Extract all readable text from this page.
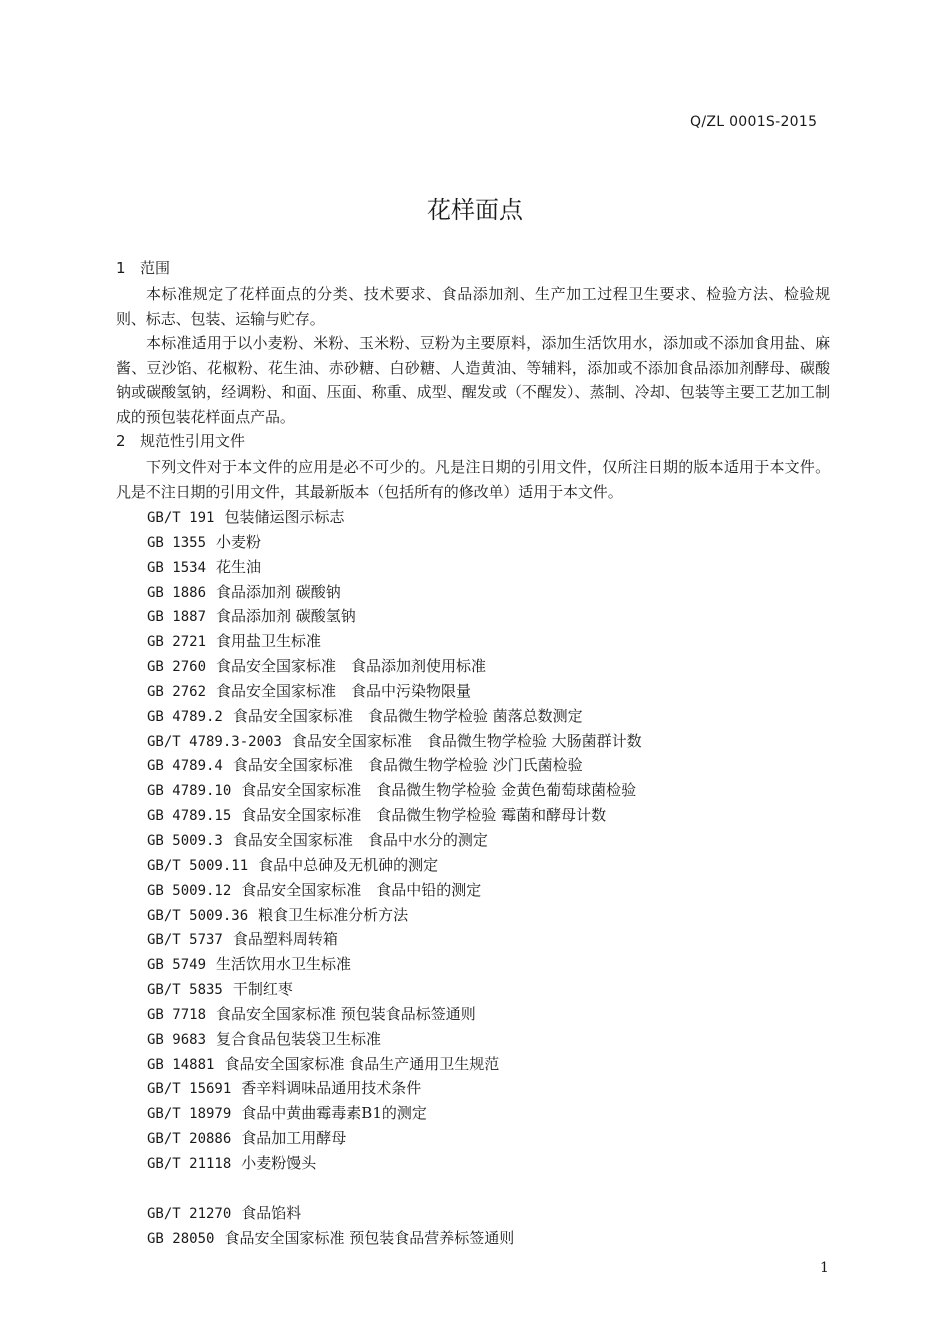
Q/ZL 0001S-2015
花样面点
1 范围
本标准规定了花样面点的分类、技术要求、食品添加剂、生产加工过程卫生要求、检验方法、检验规则、标志、包装、运输与贮存。
本标准适用于以小麦粉、米粉、玉米粉、豆粉为主要原料，添加生活饮用水，添加或不添加食用盐、麻酱、豆沙馅、花椒粉、花生油、赤砂糖、白砂糖、人造黄油、等辅料，添加或不添加食品添加剂酵母、碳酸钠或碳酸氢钠，经调粉、和面、压面、称重、成型、醒发或（不醒发）、蒸制、冷却、包装等主要工艺加工制成的预包装花样面点产品。
2 规范性引用文件
下列文件对于本文件的应用是必不可少的。凡是注日期的引用文件，仅所注日期的版本适用于本文件。凡是不注日期的引用文件，其最新版本（包括所有的修改单）适用于本文件。
GB/T 191 包装储运图示标志
GB 1355 小麦粉
GB 1534 花生油
GB 1886 食品添加剂 碳酸钠
GB 1887 食品添加剂 碳酸氢钠
GB 2721 食用盐卫生标准
GB 2760 食品安全国家标准　食品添加剂使用标准
GB 2762 食品安全国家标准　食品中污染物限量
GB 4789.2 食品安全国家标准　食品微生物学检验 菌落总数测定
GB/T 4789.3-2003 食品安全国家标准　食品微生物学检验 大肠菌群计数
GB 4789.4 食品安全国家标准　食品微生物学检验 沙门氏菌检验
GB 4789.10 食品安全国家标准　食品微生物学检验 金黄色葡萄球菌检验
GB 4789.15 食品安全国家标准　食品微生物学检验 霉菌和酵母计数
GB 5009.3 食品安全国家标准　食品中水分的测定
GB/T 5009.11 食品中总砷及无机砷的测定
GB 5009.12 食品安全国家标准　食品中铅的测定
GB/T 5009.36 粮食卫生标准分析方法
GB/T 5737 食品塑料周转箱
GB 5749 生活饮用水卫生标准
GB/T 5835 干制红枣
GB 7718 食品安全国家标准 预包装食品标签通则
GB 9683 复合食品包装袋卫生标准
GB 14881 食品安全国家标准 食品生产通用卫生规范
GB/T 15691 香辛料调味品通用技术条件
GB/T 18979 食品中黄曲霉毒素B1的测定
GB/T 20886 食品加工用酵母
GB/T 21118 小麦粉馒头
GB/T 21270 食品馅料
GB 28050 食品安全国家标准 预包装食品营养标签通则
1
